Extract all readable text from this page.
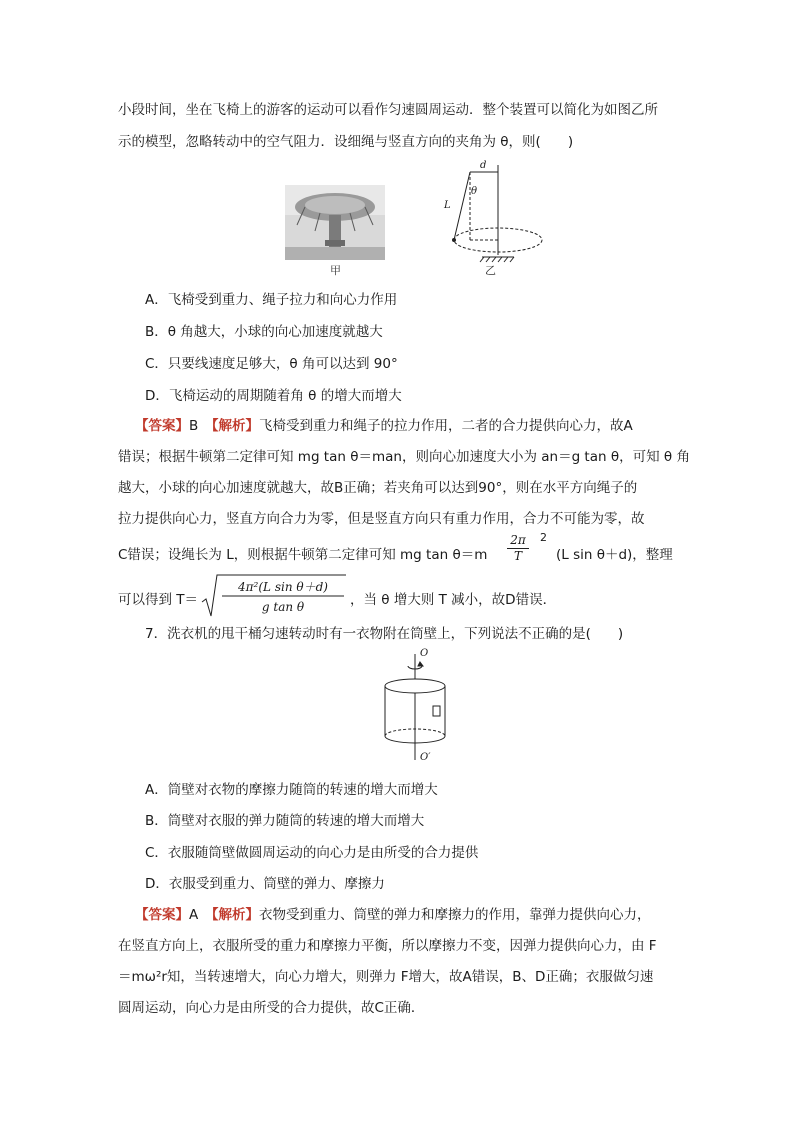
小段时间，坐在飞椅上的游客的运动可以看作匀速圆周运动．整个装置可以简化为如图乙所
示的模型，忽略转动中的空气阻力．设细绳与竖直方向的夹角为 θ，则(　　)
甲
d
θ
L
乙
A．飞椅受到重力、绳子拉力和向心力作用
B．θ 角越大，小球的向心加速度就越大
C．只要线速度足够大，θ 角可以达到 90°
D．飞椅运动的周期随着角 θ 的增大而增大
【答案】B　 【解析】飞椅受到重力和绳子的拉力作用，二者的合力提供向心力，故A
错误；根据牛顿第二定律可知 mg tan θ＝man，则向心加速度大小为 an＝g tan θ，可知 θ 角
越大，小球的向心加速度就越大，故B正确；若夹角可以达到90°，则在水平方向绳子的
拉力提供向心力，竖直方向合力为零，但是竖直方向只有重力作用，合力不可能为零，故
C错误；设绳长为 L，则根据牛顿第二定律可知 mg $\tan \theta=m \frac{2\pi}{T} 2$
(L sin θ＋d)，整理
可以得到 T＝
4π²(L sin θ＋d)
g tan θ	，当 θ 增大则 T 减小，故D错误．
7．洗衣机的甩干桶匀速转动时有一衣物附在筒壁上，下列说法不正确的是(　　)
O
O′
A．筒壁对衣物的摩擦力随筒的转速的增大而增大
B．筒壁对衣服的弹力随筒的转速的增大而增大
C．衣服随筒壁做圆周运动的向心力是由所受的合力提供
D．衣服受到重力、筒壁的弹力、摩擦力
【答案】A　 【解析】衣物受到重力、筒壁的弹力和摩擦力的作用，靠弹力提供向心力，
在竖直方向上，衣服所受的重力和摩擦力平衡，所以摩擦力不变，因弹力提供向心力，由 F
＝mω²r知，当转速增大，向心力增大，则弹力 F增大，故A错误，B、D正确；衣服做匀速
圆周运动，向心力是由所受的合力提供，故C正确．
